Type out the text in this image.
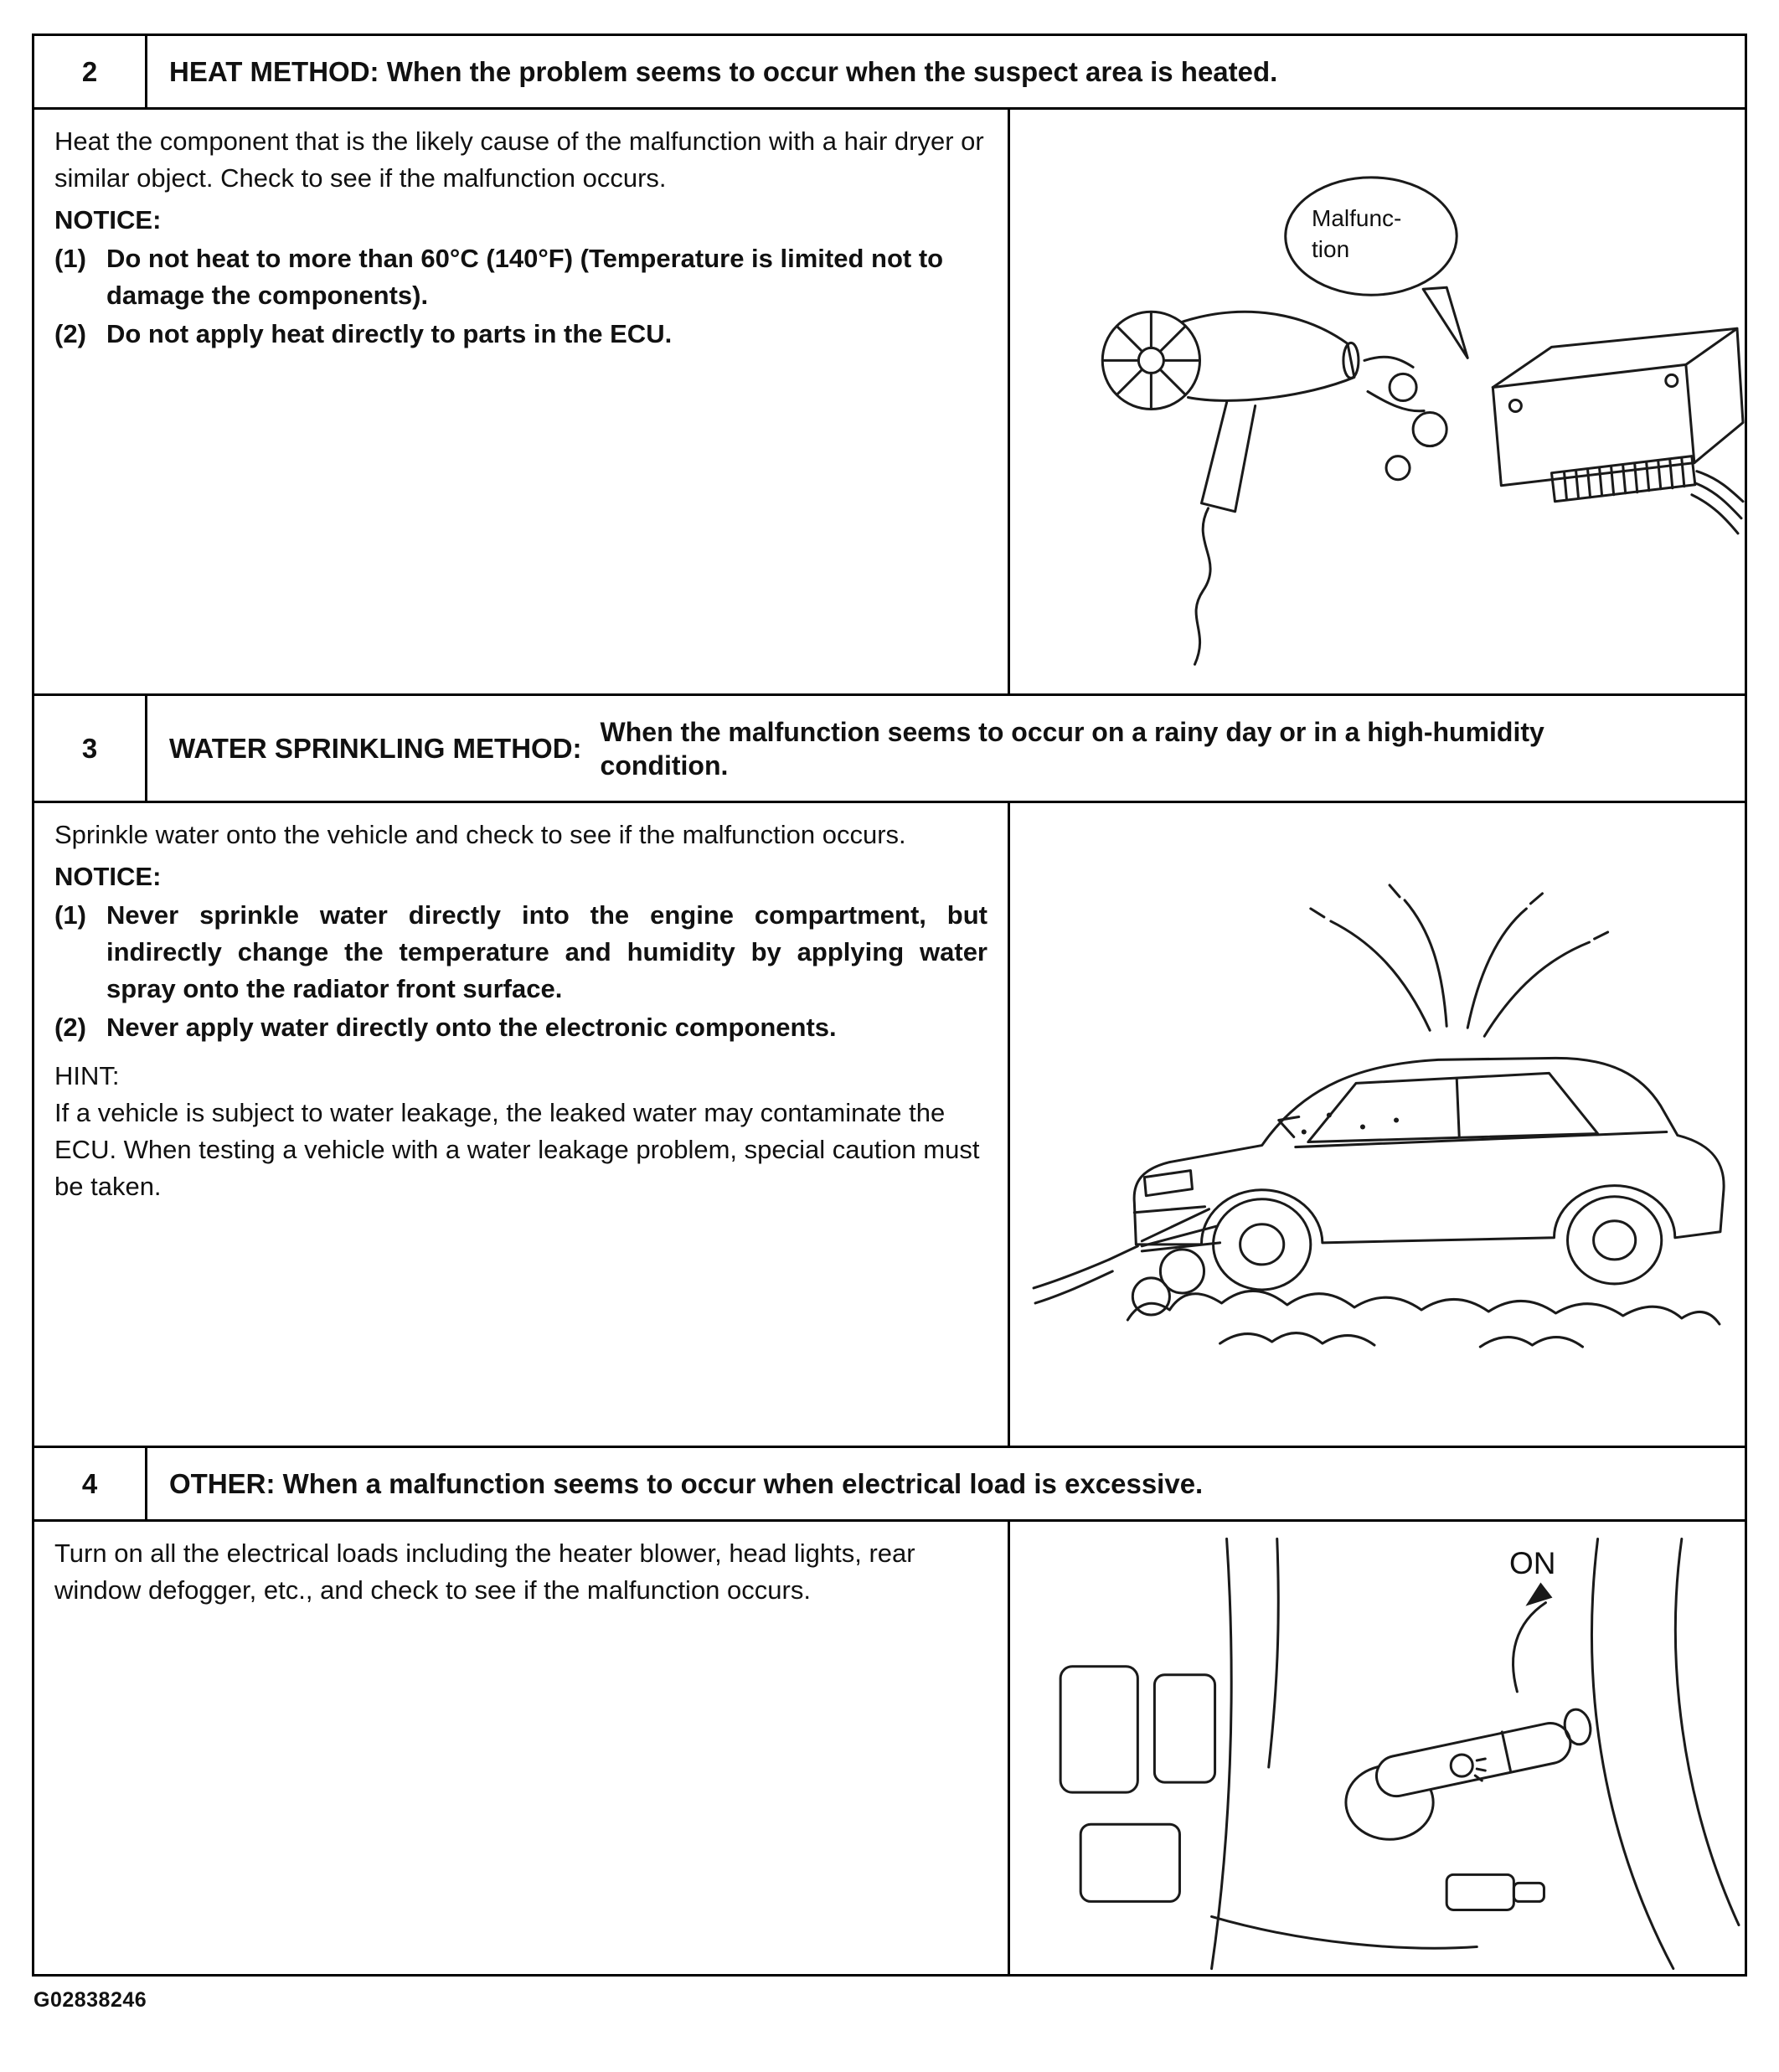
2	HEAT METHOD: When the problem seems to occur when the suspect area is heated.

Heat the component that is the likely cause of the malfunction with a hair dryer or similar object. Check to see if the malfunction occurs.

NOTICE:
(1) Do not heat to more than 60°C (140°F) (Temperature is limited not to damage the components).
(2) Do not apply heat directly to parts in the ECU.
Malfunc-
tion
3	WATER SPRINKLING METHOD:
When the malfunction seems to occur on a rainy day or in a high-humidity condition.

Sprinkle water onto the vehicle and check to see if the malfunction occurs.

NOTICE:
(1) Never sprinkle water directly into the engine compartment, but indirectly change the temperature and humidity by applying water spray onto the radiator front surface.
(2) Never apply water directly onto the electronic components.
HINT:

If a vehicle is subject to water leakage, the leaked water may contaminate the ECU. When testing a vehicle with a water leakage problem, special caution must be taken.

4	OTHER: When a malfunction seems to occur when electrical load is excessive.

Turn on all the electrical loads including the heater blower, head lights, rear window defogger, etc., and check to see if the malfunction occurs.

ON
G02838246
